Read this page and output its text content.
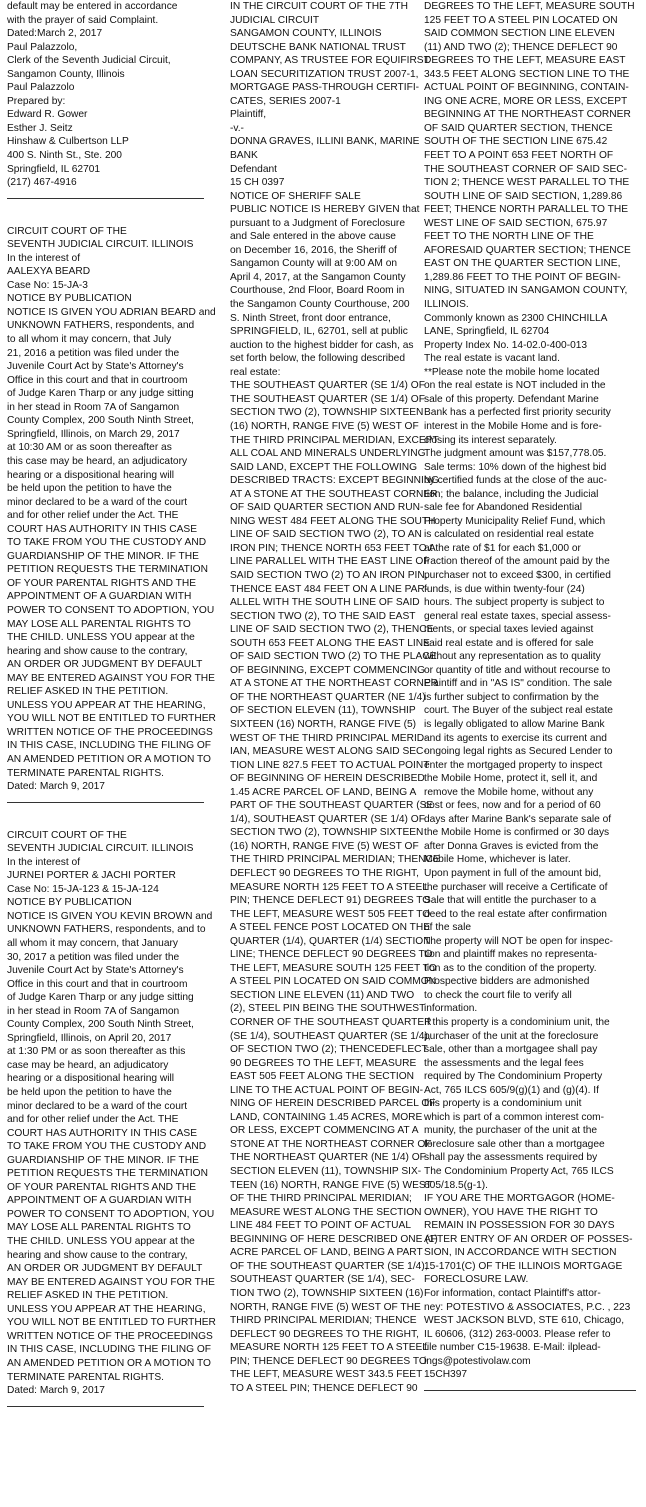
default may be entered in accordance
with the prayer of said Complaint.
Dated:March 2, 2017
Paul Palazzolo,
Clerk of the Seventh Judicial Circuit,
Sangamon County, Illinois
Paul Palazzolo
Prepared by:
Edward R. Gower
Esther J. Seitz
Hinshaw & Culbertson LLP
400 S. Ninth St., Ste. 200
Springfield, IL 62701
(217) 467-4916
CIRCUIT COURT OF THE
SEVENTH JUDICIAL CIRCUIT. ILLINOIS
In the interest of
AALEXYA BEARD
Case No: 15-JA-3
NOTICE BY PUBLICATION
NOTICE IS GIVEN YOU ADRIAN BEARD and
UNKNOWN FATHERS, respondents, and
to all whom it may concern, that July
21, 2016 a petition was filed under the
Juvenile Court Act by State's Attorney's
Office in this court and that in courtroom
of Judge Karen Tharp or any judge sitting
in her stead in Room 7A of Sangamon
County Complex, 200 South Ninth Street,
Springfield, Illinois, on March 29, 2017
at 10:30 AM or as soon thereafter as
this case may be heard, an adjudicatory
hearing or a dispositional hearing will
be held upon the petition to have the
minor declared to be a ward of the court
and for other relief under the Act. THE
COURT HAS AUTHORITY IN THIS CASE
TO TAKE FROM YOU THE CUSTODY AND
GUARDIANSHIP OF THE MINOR. IF THE
PETITION REQUESTS THE TERMINATION
OF YOUR PARENTAL RIGHTS AND THE
APPOINTMENT OF A GUARDIAN WITH
POWER TO CONSENT TO ADOPTION, YOU
MAY LOSE ALL PARENTAL RIGHTS TO
THE CHILD. UNLESS YOU appear at the
hearing and show cause to the contrary,
AN ORDER OR JUDGMENT BY DEFAULT
MAY BE ENTERED AGAINST YOU FOR THE
RELIEF ASKED IN THE PETITION.
UNLESS YOU APPEAR AT THE HEARING,
YOU WILL NOT BE ENTITLED TO FURTHER
WRITTEN NOTICE OF THE PROCEEDINGS
IN THIS CASE, INCLUDING THE FILING OF
AN AMENDED PETITION OR A MOTION TO
TERMINATE PARENTAL RIGHTS.
Dated: March 9, 2017
CIRCUIT COURT OF THE
SEVENTH JUDICIAL CIRCUIT. ILLINOIS
In the interest of
JURNEI PORTER & JACHI PORTER
Case No: 15-JA-123 & 15-JA-124
NOTICE BY PUBLICATION
NOTICE IS GIVEN YOU KEVIN BROWN and
UNKNOWN FATHERS, respondents, and to
all whom it may concern, that January
30, 2017 a petition was filed under the
Juvenile Court Act by State's Attorney's
Office in this court and that in courtroom
of Judge Karen Tharp or any judge sitting
in her stead in Room 7A of Sangamon
County Complex, 200 South Ninth Street,
Springfield, Illinois, on April 20, 2017
at 1:30 PM or as soon thereafter as this
case may be heard, an adjudicatory
hearing or a dispositional hearing will
be held upon the petition to have the
minor declared to be a ward of the court
and for other relief under the Act. THE
COURT HAS AUTHORITY IN THIS CASE
TO TAKE FROM YOU THE CUSTODY AND
GUARDIANSHIP OF THE MINOR. IF THE
PETITION REQUESTS THE TERMINATION
OF YOUR PARENTAL RIGHTS AND THE
APPOINTMENT OF A GUARDIAN WITH
POWER TO CONSENT TO ADOPTION, YOU
MAY LOSE ALL PARENTAL RIGHTS TO
THE CHILD. UNLESS YOU appear at the
hearing and show cause to the contrary,
AN ORDER OR JUDGMENT BY DEFAULT
MAY BE ENTERED AGAINST YOU FOR THE
RELIEF ASKED IN THE PETITION.
UNLESS YOU APPEAR AT THE HEARING,
YOU WILL NOT BE ENTITLED TO FURTHER
WRITTEN NOTICE OF THE PROCEEDINGS
IN THIS CASE, INCLUDING THE FILING OF
AN AMENDED PETITION OR A MOTION TO
TERMINATE PARENTAL RIGHTS.
Dated: March 9, 2017
IN THE CIRCUIT COURT OF THE 7TH
JUDICIAL CIRCUIT
SANGAMON COUNTY, ILLINOIS
DEUTSCHE BANK NATIONAL TRUST
COMPANY, AS TRUSTEE FOR EQUIFIRST
LOAN SECURITIZATION TRUST 2007-1,
MORTGAGE PASS-THROUGH CERTIFI-
CATES, SERIES 2007-1
Plaintiff,
-v.-
DONNA GRAVES, ILLINI BANK, MARINE
BANK
Defendant
15 CH 0397
NOTICE OF SHERIFF SALE
PUBLIC NOTICE IS HEREBY GIVEN that
pursuant to a Judgment of Foreclosure
and Sale entered in the above cause
on December 16, 2016, the Sheriff of
Sangamon County will at 9:00 AM on
April 4, 2017, at the Sangamon County
Courthouse, 2nd Floor, Board Room in
the Sangamon County Courthouse, 200
S. Ninth Street, front door entrance,
SPRINGFIELD, IL, 62701, sell at public
auction to the highest bidder for cash, as
set forth below, the following described
real estate:
THE SOUTHEAST QUARTER (SE 1/4) OF
THE SOUTHEAST QUARTER (SE 1/4) OF
SECTION TWO (2), TOWNSHIP SIXTEEN
(16) NORTH, RANGE FIVE (5) WEST OF
THE THIRD PRINCIPAL MERIDIAN, EXCEPT
ALL COAL AND MINERALS UNDERLYING
SAID LAND, EXCEPT THE FOLLOWING
DESCRIBED TRACTS: EXCEPT BEGINNING
AT A STONE AT THE SOUTHEAST CORNER
OF SAID QUARTER SECTION AND RUN-
NING WEST 484 FEET ALONG THE SOUTH
LINE OF SAID SECTION TWO (2), TO AN
IRON PIN; THENCE NORTH 653 FEET TO A
LINE PARALLEL WITH THE EAST LINE OF
SAID SECTION TWO (2) TO AN IRON PIN,
THENCE EAST 484 FEET ON A LINE PAR-
ALLEL WITH THE SOUTH LINE OF SAID
SECTION TWO (2), TO THE SAID EAST
LINE OF SAID SECTION TWO (2), THENCE
SOUTH 653 FEET ALONG THE EAST LINE
OF SAID SECTION TWO (2) TO THE PLACE
OF BEGINNING, EXCEPT COMMENCING
AT A STONE AT THE NORTHEAST CORNER
OF THE NORTHEAST QUARTER (NE 1/4)
OF SECTION ELEVEN (11), TOWNSHIP
SIXTEEN (16) NORTH, RANGE FIVE (5)
WEST OF THE THIRD PRINCIPAL MERID-
IAN, MEASURE WEST ALONG SAID SEC-
TION LINE 827.5 FEET TO ACTUAL POINT
OF BEGINNING OF HEREIN DESCRIBED
1.45 ACRE PARCEL OF LAND, BEING A
PART OF THE SOUTHEAST QUARTER (SE
1/4), SOUTHEAST QUARTER (SE 1/4) OF
SECTION TWO (2), TOWNSHIP SIXTEEN
(16) NORTH, RANGE FIVE (5) WEST OF
THE THIRD PRINCIPAL MERIDIAN; THENCE
DEFLECT 90 DEGREES TO THE RIGHT,
MEASURE NORTH 125 FEET TO A STEEL
PIN; THENCE DEFLECT 91) DEGREES TO
THE LEFT, MEASURE WEST 505 FEET TO
A STEEL FENCE POST LOCATED ON THE
QUARTER (1/4), QUARTER (1/4) SECTION
LINE; THENCE DEFLECT 90 DEGREES TO
THE LEFT, MEASURE SOUTH 125 FEET TO
A STEEL PIN LOCATED ON SAID COMMON
SECTION LINE ELEVEN (11) AND TWO
(2), STEEL PIN BEING THE SOUTHWEST
CORNER OF THE SOUTHEAST QUARTER
(SE 1/4), SOUTHEAST QUARTER (SE 1/4),
OF SECTION TWO (2); THENCEDEFLECT
90 DEGREES TO THE LEFT, MEASURE
EAST 505 FEET ALONG THE SECTION
LINE TO THE ACTUAL POINT OF BEGIN-
NING OF HEREIN DESCRIBED PARCEL OF
LAND, CONTAINING 1.45 ACRES, MORE
OR LESS, EXCEPT COMMENCING AT A
STONE AT THE NORTHEAST CORNER OF
THE NORTHEAST QUARTER (NE 1/4) OF
SECTION ELEVEN (11), TOWNSHIP SIX-
TEEN (16) NORTH, RANGE FIVE (5) WEST
OF THE THIRD PRINCIPAL MERIDIAN;
MEASURE WEST ALONG THE SECTION
LINE 484 FEET TO POINT OF ACTUAL
BEGINNING OF HERE DESCRIBED ONE (1)
ACRE PARCEL OF LAND, BEING A PART
OF THE SOUTHEAST QUARTER (SE 1/4),
SOUTHEAST QUARTER (SE 1/4), SEC-
TION TWO (2), TOWNSHIP SIXTEEN (16)
NORTH, RANGE FIVE (5) WEST OF THE
THIRD PRINCIPAL MERIDIAN; THENCE
DEFLECT 90 DEGREES TO THE RIGHT,
MEASURE NORTH 125 FEET TO A STEEL
PIN; THENCE DEFLECT 90 DEGREES TO
THE LEFT, MEASURE WEST 343.5 FEET
TO A STEEL PIN; THENCE DEFLECT 90
DEGREES TO THE LEFT, MEASURE SOUTH
125 FEET TO A STEEL PIN LOCATED ON
SAID COMMON SECTION LINE ELEVEN
(11) AND TWO (2); THENCE DEFLECT 90
DEGREES TO THE LEFT, MEASURE EAST
343.5 FEET ALONG SECTION LINE TO THE
ACTUAL POINT OF BEGINNING, CONTAIN-
ING ONE ACRE, MORE OR LESS, EXCEPT
BEGINNING AT THE NORTHEAST CORNER
OF SAID QUARTER SECTION, THENCE
SOUTH OF THE SECTION LINE 675.42
FEET TO A POINT 653 FEET NORTH OF
THE SOUTHEAST CORNER OF SAID SEC-
TION 2; THENCE WEST PARALLEL TO THE
SOUTH LINE OF SAID SECTION, 1,289.86
FEET; THENCE NORTH PARALLEL TO THE
WEST LINE OF SAID SECTION, 675.97
FEET TO THE NORTH LINE OF THE
AFORESAID QUARTER SECTION; THENCE
EAST ON THE QUARTER SECTION LINE,
1,289.86 FEET TO THE POINT OF BEGIN-
NING, SITUATED IN SANGAMON COUNTY,
ILLINOIS.
Commonly known as 2300 CHINCHILLA
LANE, Springfield, IL 62704
Property Index No. 14-02.0-400-013
The real estate is vacant land.
**Please note the mobile home located
on the real estate is NOT included in the
sale of this property. Defendant Marine
Bank has a perfected first priority security
interest in the Mobile Home and is fore-
closing its interest separately.
The judgment amount was $157,778.05.
Sale terms: 10% down of the highest bid
by certified funds at the close of the auc-
tion; the balance, including the Judicial
sale fee for Abandoned Residential
Property Municipality Relief Fund, which
is calculated on residential real estate
at the rate of $1 for each $1,000 or
fraction thereof of the amount paid by the
purchaser not to exceed $300, in certified
funds, is due within twenty-four (24)
hours. The subject property is subject to
general real estate taxes, special assess-
ments, or special taxes levied against
said real estate and is offered for sale
without any representation as to quality
or quantity of title and without recourse to
Plaintiff and in "AS IS" condition. The sale
is further subject to confirmation by the
court. The Buyer of the subject real estate
is legally obligated to allow Marine Bank
and its agents to exercise its current and
ongoing legal rights as Secured Lender to
enter the mortgaged property to inspect
the Mobile Home, protect it, sell it, and
remove the Mobile home, without any
cost or fees, now and for a period of 60
days after Marine Bank's separate sale of
the Mobile Home is confirmed or 30 days
after Donna Graves is evicted from the
Mobile Home, whichever is later.
Upon payment in full of the amount bid,
the purchaser will receive a Certificate of
Sale that will entitle the purchaser to a
deed to the real estate after confirmation
of the sale
The property will NOT be open for inspec-
tion and plaintiff makes no representa-
tion as to the condition of the property.
Prospective bidders are admonished
to check the court file to verify all
information.
If this property is a condominium unit, the
purchaser of the unit at the foreclosure
sale, other than a mortgagee shall pay
the assessments and the legal fees
required by The Condominium Property
Act, 765 ILCS 605/9(g)(1) and (g)(4). If
this property is a condominium unit
which is part of a common interest com-
munity, the purchaser of the unit at the
foreclosure sale other than a mortgagee
shall pay the assessments required by
The Condominium Property Act, 765 ILCS
605/18.5(g-1).
IF YOU ARE THE MORTGAGOR (HOME-
OWNER), YOU HAVE THE RIGHT TO
REMAIN IN POSSESSION FOR 30 DAYS
AFTER ENTRY OF AN ORDER OF POSSES-
SION, IN ACCORDANCE WITH SECTION
15-1701(C) OF THE ILLINOIS MORTGAGE
FORECLOSURE LAW.
For information, contact Plaintiff's attor-
ney: POTESTIVO & ASSOCIATES, P.C. , 223
WEST JACKSON BLVD, STE 610, Chicago,
IL 60606, (312) 263-0003. Please refer to
file number C15-19638. E-Mail: ilplead-
ings@potestivolaw.com
15CH397
